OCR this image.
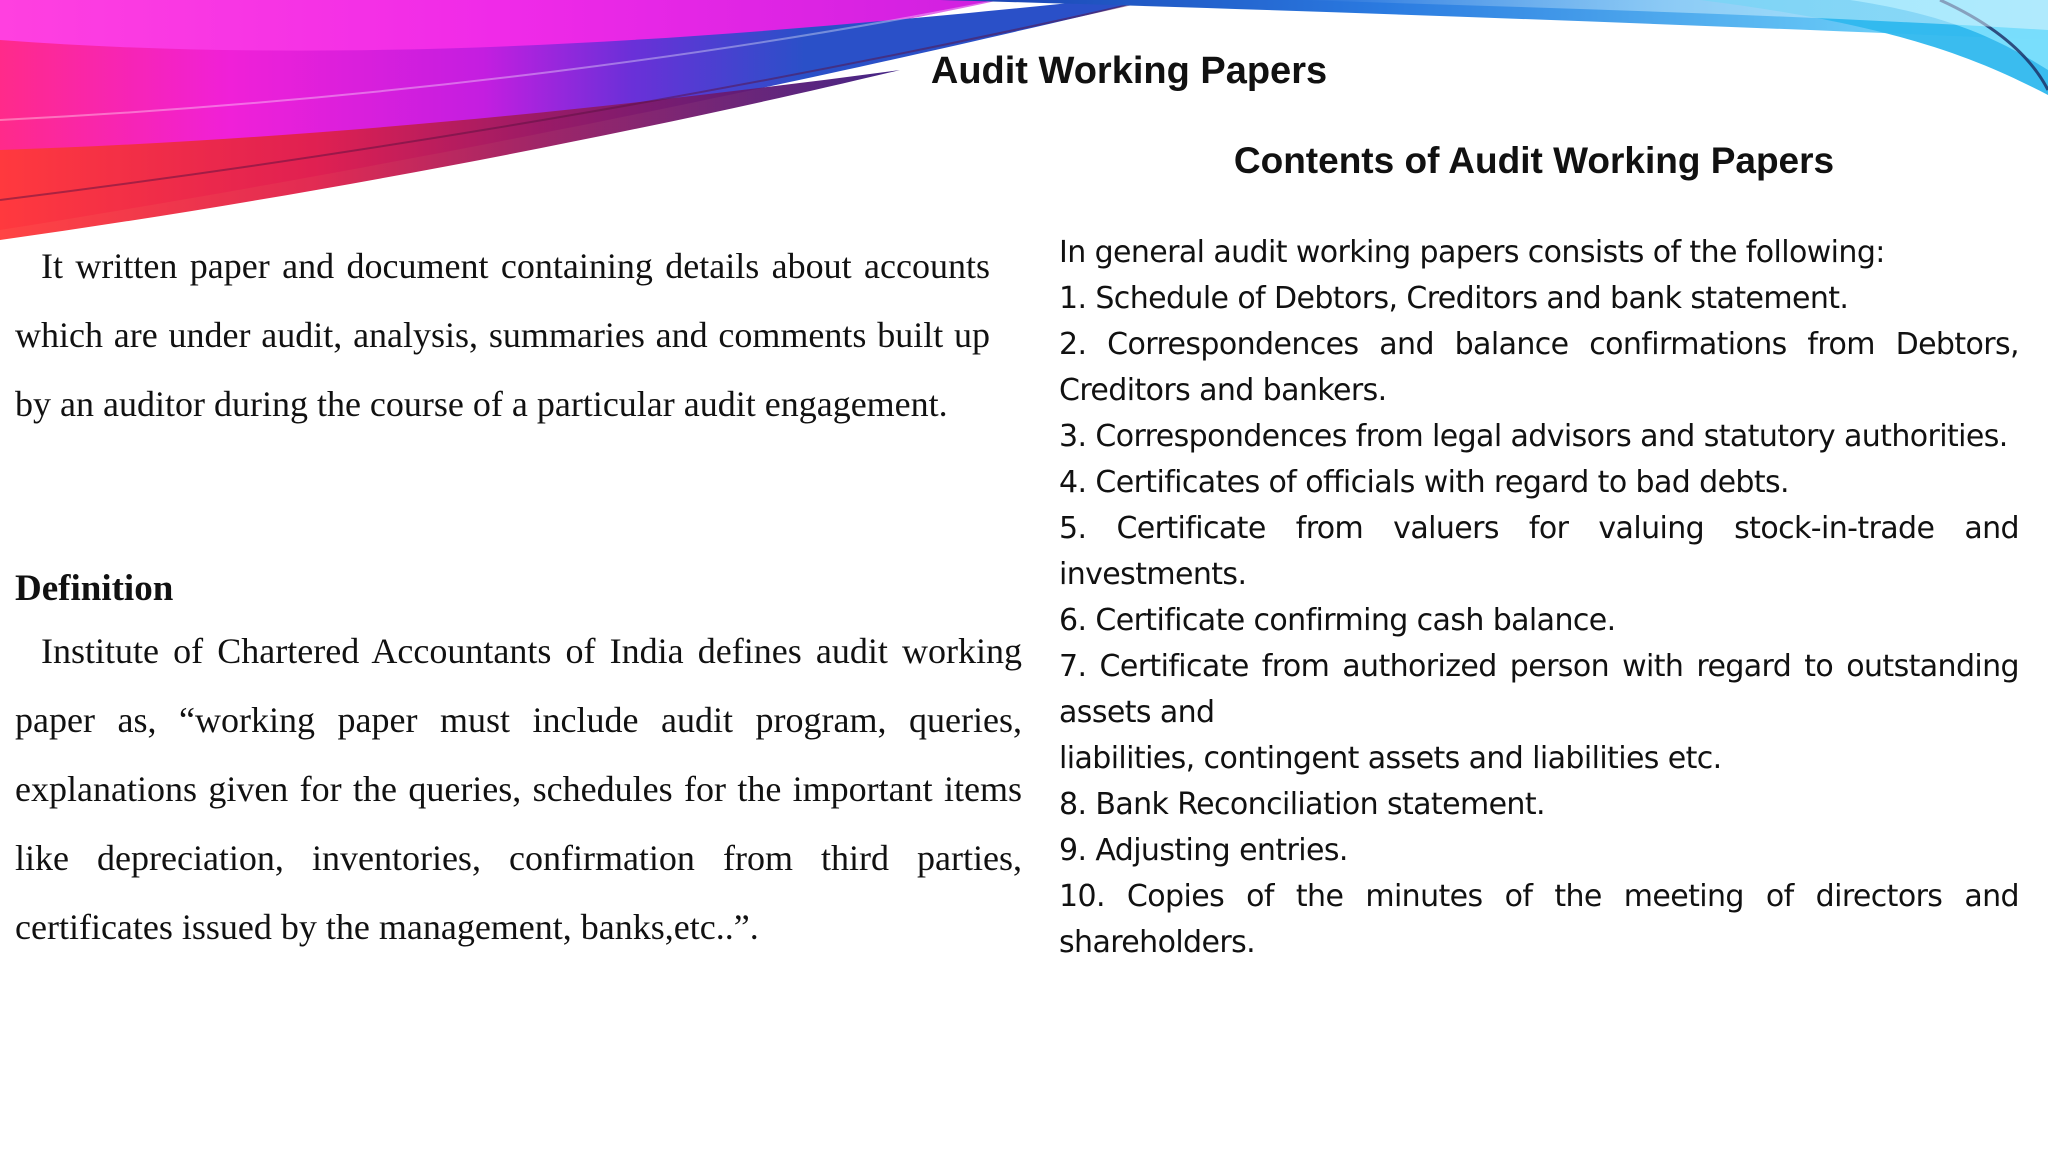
Audit Working Papers

It written paper and document containing details about accounts which are under audit, analysis, summaries and comments built up by an auditor during the course of a particular audit engagement.

Definition

Institute of Chartered Accountants of India defines audit working paper as, “working paper must include audit program, queries, explanations given for the queries, schedules for the important items like depreciation, inventories, confirmation from third parties, certificates issued by the management, banks,etc..”.

Contents of Audit Working Papers
In general audit working papers consists of the following:
1. Schedule of Debtors, Creditors and bank statement.
2. Correspondences and balance confirmations from Debtors, Creditors and bankers.
3. Correspondences from legal advisors and statutory authorities.
4. Certificates of officials with regard to bad debts.
5. Certificate from valuers for valuing stock-in-trade and investments.
6. Certificate confirming cash balance.
7. Certificate from authorized person with regard to outstanding assets and
liabilities, contingent assets and liabilities etc.
8. Bank Reconciliation statement.
9. Adjusting entries.
10. Copies of the minutes of the meeting of directors and shareholders.
